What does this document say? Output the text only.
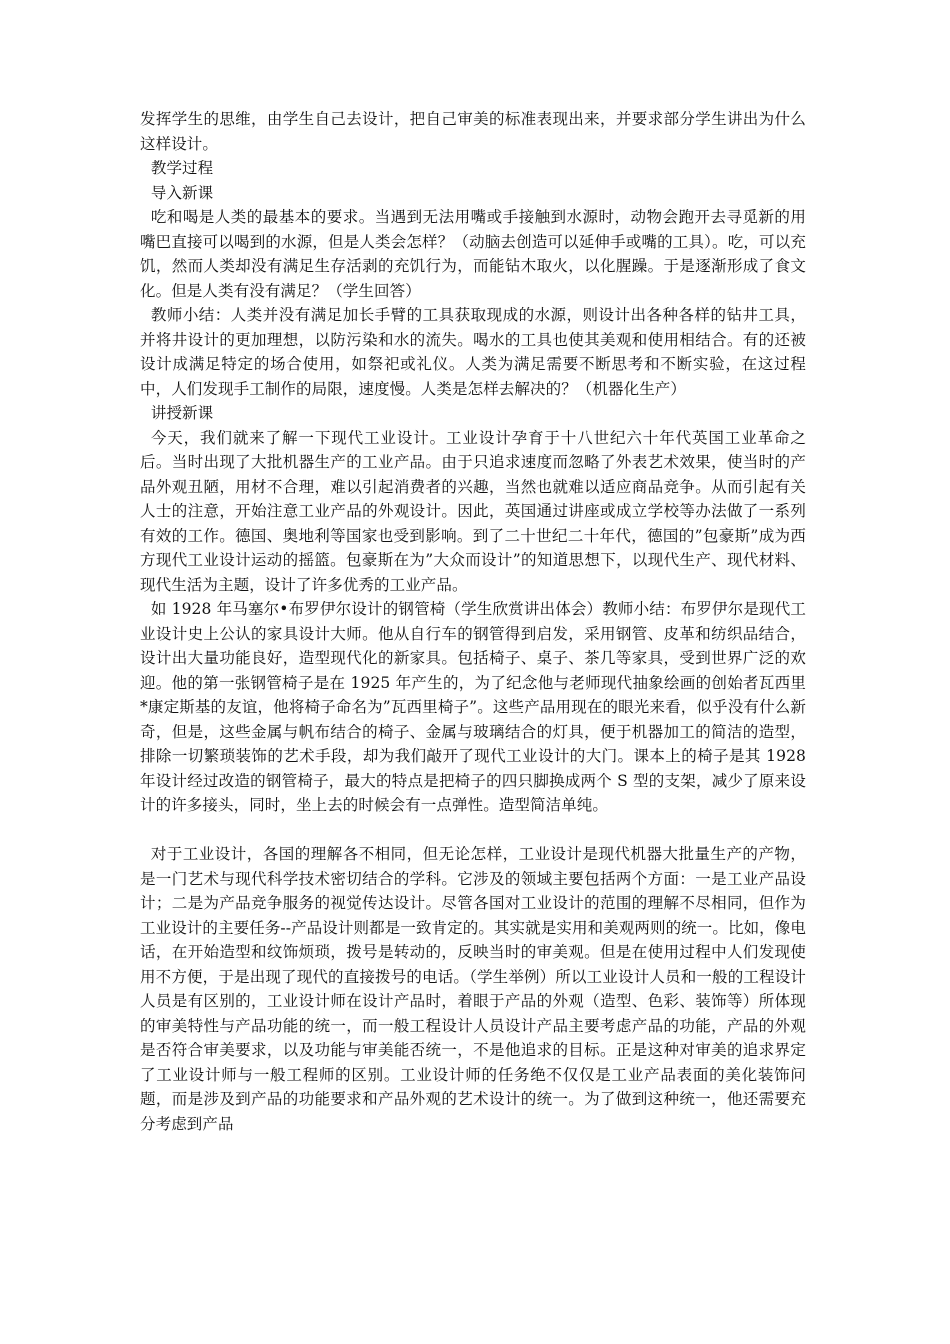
发挥学生的思维，由学生自己去设计，把自己审美的标准表现出来，并要求部分学生讲出为什么这样设计。

教学过程

导入新课

吃和喝是人类的最基本的要求。当遇到无法用嘴或手接触到水源时，动物会跑开去寻觅新的用嘴巴直接可以喝到的水源，但是人类会怎样？（动脑去创造可以延伸手或嘴的工具）。吃，可以充饥，然而人类却没有满足生存活剥的充饥行为，而能钻木取火，以化腥躁。于是逐渐形成了食文化。但是人类有没有满足？（学生回答）

教师小结：人类并没有满足加长手臂的工具获取现成的水源，则设计出各种各样的钻井工具，并将井设计的更加理想，以防污染和水的流失。喝水的工具也使其美观和使用相结合。有的还被设计成满足特定的场合使用，如祭祀或礼仪。人类为满足需要不断思考和不断实验，在这过程中，人们发现手工制作的局限，速度慢。人类是怎样去解决的？（机器化生产）

讲授新课

今天，我们就来了解一下现代工业设计。工业设计孕育于十八世纪六十年代英国工业革命之后。当时出现了大批机器生产的工业产品。由于只追求速度而忽略了外表艺术效果，使当时的产品外观丑陋，用材不合理，难以引起消费者的兴趣，当然也就难以适应商品竞争。从而引起有关人士的注意，开始注意工业产品的外观设计。因此，英国通过讲座或成立学校等办法做了一系列有效的工作。德国、奥地利等国家也受到影响。到了二十世纪二十年代，德国的”包豪斯”成为西方现代工业设计运动的摇篮。包豪斯在为”大众而设计”的知道思想下，以现代生产、现代材料、现代生活为主题，设计了许多优秀的工业产品。

如 1928 年马塞尔•布罗伊尔设计的钢管椅（学生欣赏讲出体会）教师小结：布罗伊尔是现代工业设计史上公认的家具设计大师。他从自行车的钢管得到启发，采用钢管、皮革和纺织品结合，设计出大量功能良好，造型现代化的新家具。包括椅子、桌子、茶几等家具，受到世界广泛的欢迎。他的第一张钢管椅子是在 1925 年产生的，为了纪念他与老师现代抽象绘画的创始者瓦西里*康定斯基的友谊，他将椅子命名为”瓦西里椅子”。这些产品用现在的眼光来看，似乎没有什么新奇，但是，这些金属与帆布结合的椅子、金属与玻璃结合的灯具，便于机器加工的简洁的造型，排除一切繁琐装饰的艺术手段，却为我们敲开了现代工业设计的大门。课本上的椅子是其 1928 年设计经过改造的钢管椅子，最大的特点是把椅子的四只脚换成两个 S 型的支架，减少了原来设计的许多接头，同时，坐上去的时候会有一点弹性。造型简洁单纯。

对于工业设计，各国的理解各不相同，但无论怎样，工业设计是现代机器大批量生产的产物，是一门艺术与现代科学技术密切结合的学科。它涉及的领域主要包括两个方面：一是工业产品设计；二是为产品竞争服务的视觉传达设计。尽管各国对工业设计的范围的理解不尽相同，但作为工业设计的主要任务--产品设计则都是一致肯定的。其实就是实用和美观两则的统一。比如，像电话，在开始造型和纹饰烦琐，拨号是转动的，反映当时的审美观。但是在使用过程中人们发现使用不方便，于是出现了现代的直接拨号的电话。（学生举例）所以工业设计人员和一般的工程设计人员是有区别的，工业设计师在设计产品时，着眼于产品的外观（造型、色彩、装饰等）所体现的审美特性与产品功能的统一，而一般工程设计人员设计产品主要考虑产品的功能，产品的外观是否符合审美要求，以及功能与审美能否统一，不是他追求的目标。正是这种对审美的追求界定了工业设计师与一般工程师的区别。工业设计师的任务绝不仅仅是工业产品表面的美化装饰问题，而是涉及到产品的功能要求和产品外观的艺术设计的统一。为了做到这种统一，他还需要充分考虑到产品
